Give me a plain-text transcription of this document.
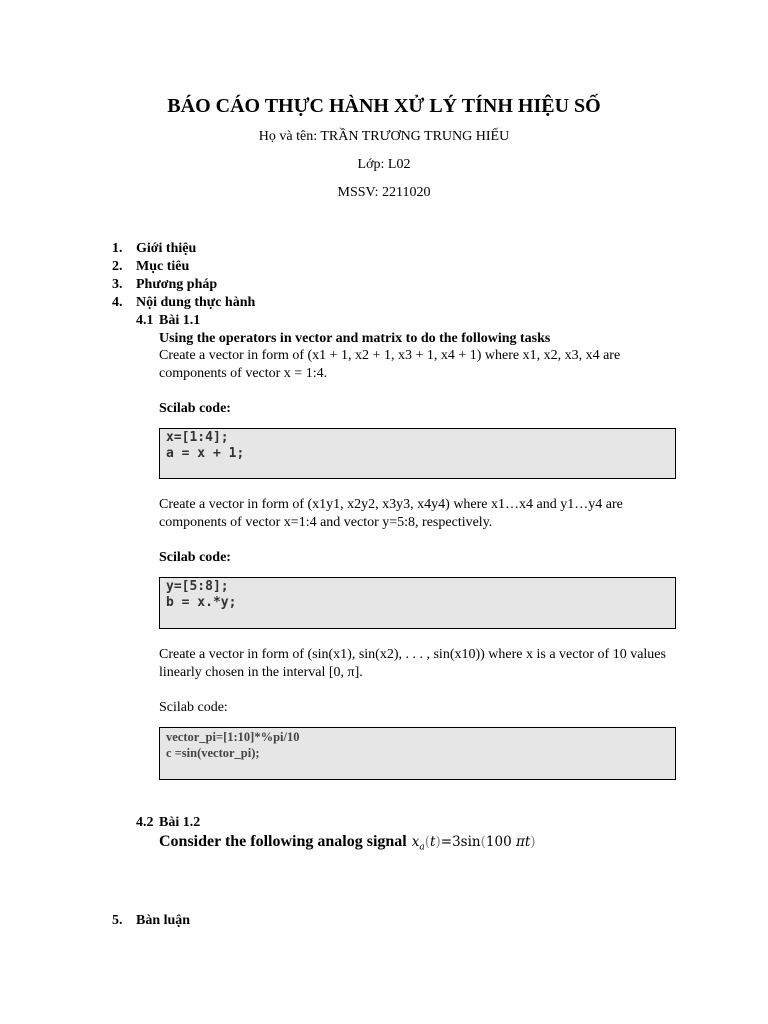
BÁO CÁO THỰC HÀNH XỬ LÝ TÍNH HIỆU SỐ
Họ và tên: TRẦN TRƯƠNG TRUNG HIẾU
Lớp: L02
MSSV: 2211020
1. Giới thiệu
2. Mục tiêu
3. Phương pháp
4. Nội dung thực hành
4.1 Bài 1.1
Using the operators in vector and matrix to do the following tasks
Create a vector in form of (x1 + 1, x2 + 1, x3 + 1, x4 + 1) where x1, x2, x3, x4 are
components of vector x = 1:4.
Scilab code:
x=[1:4];
a = x + 1;
Create a vector in form of (x1y1, x2y2, x3y3, x4y4) where x1…x4 and y1…y4 are
components of vector x=1:4 and vector y=5:8, respectively.
Scilab code:
y=[5:8];
b = x.*y;
Create a vector in form of (sin(x1), sin(x2), . . . , sin(x10)) where x is a vector of 10 values
linearly chosen in the interval [0, π].
Scilab code:
vector_pi=[1:10]*%pi/10
c =sin(vector_pi);
4.2 Bài 1.2
Consider the following analog signal $x_a(t)=3\sin(100$ πt)
5. Bàn luận
